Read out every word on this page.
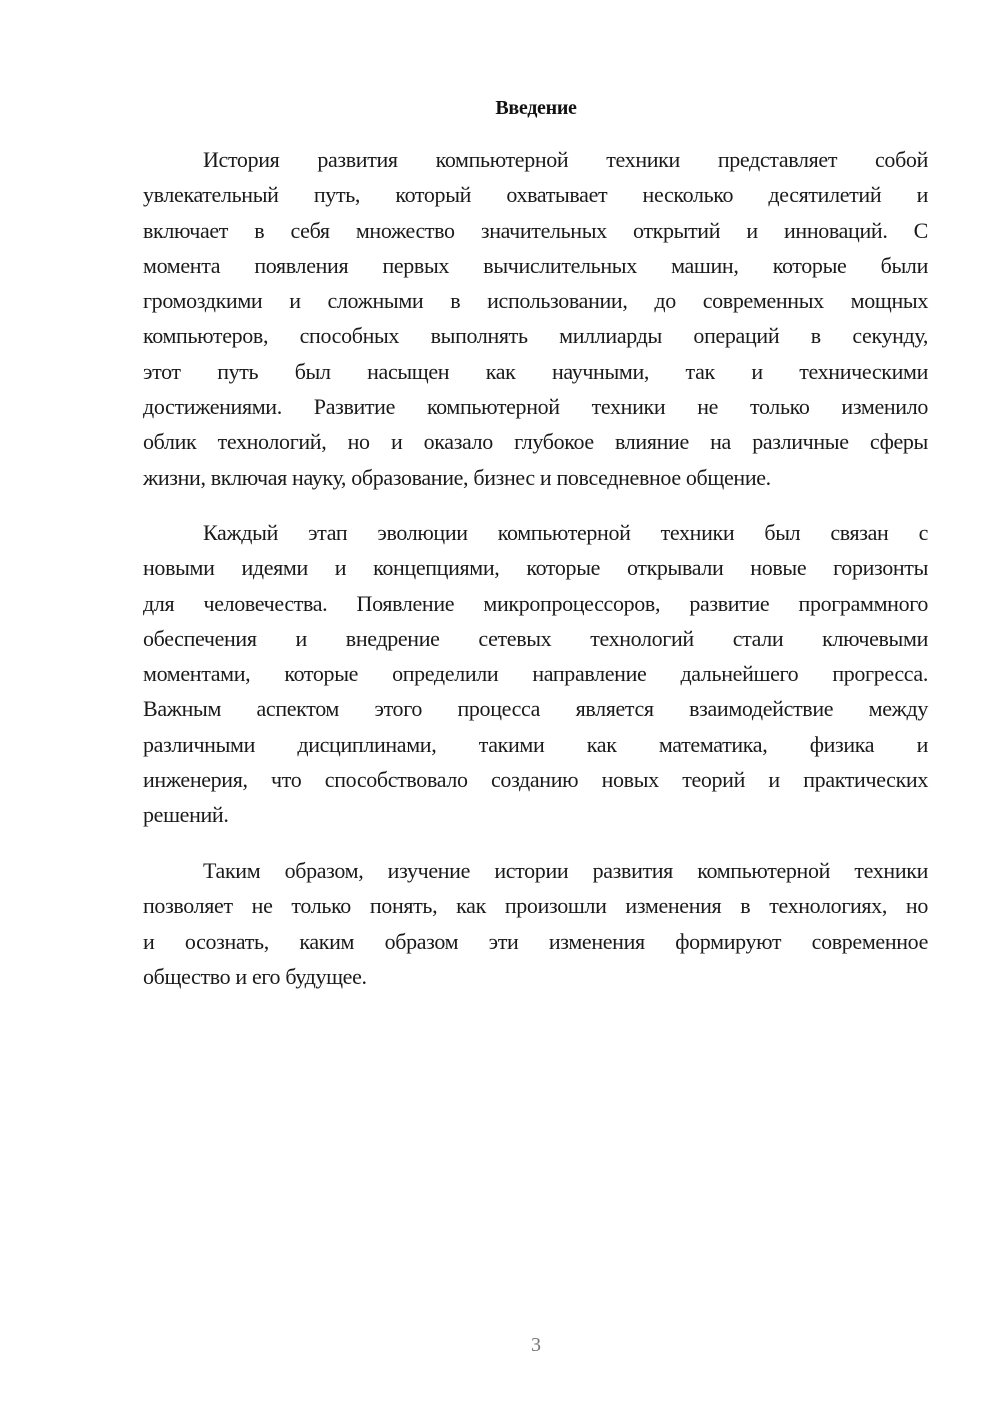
Введение
История развития компьютерной техники представляет собой
увлекательный путь, который охватывает несколько десятилетий и
включает в себя множество значительных открытий и инноваций. С
момента появления первых вычислительных машин, которые были
громоздкими и сложными в использовании, до современных мощных
компьютеров, способных выполнять миллиарды операций в секунду,
этот путь был насыщен как научными, так и техническими
достижениями. Развитие компьютерной техники не только изменило
облик технологий, но и оказало глубокое влияние на различные сферы
жизни, включая науку, образование, бизнес и повседневное общение.
Каждый этап эволюции компьютерной техники был связан с
новыми идеями и концепциями, которые открывали новые горизонты
для человечества. Появление микропроцессоров, развитие программного
обеспечения и внедрение сетевых технологий стали ключевыми
моментами, которые определили направление дальнейшего прогресса.
Важным аспектом этого процесса является взаимодействие между
различными дисциплинами, такими как математика, физика и
инженерия, что способствовало созданию новых теорий и практических
решений.
Таким образом, изучение истории развития компьютерной техники
позволяет не только понять, как произошли изменения в технологиях, но
и осознать, каким образом эти изменения формируют современное
общество и его будущее.
3
